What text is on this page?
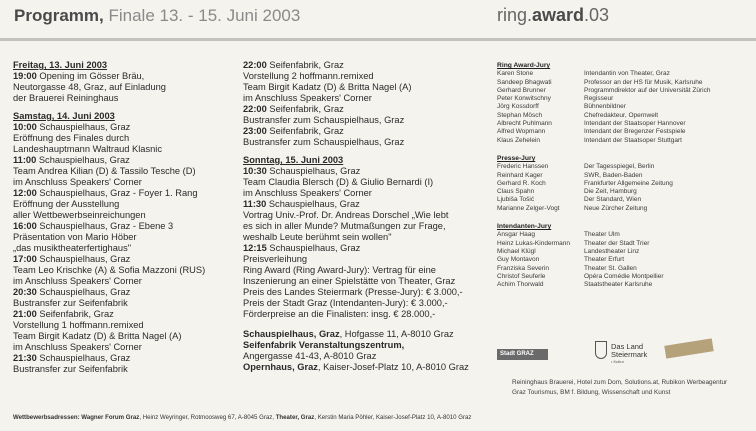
Programm, Finale 13. - 15. Juni 2003	ring.award.03
Freitag, 13. Juni 2003
19:00 Opening im Gösser Bräu,
Neutorgasse 48, Graz, auf Einladung
der Brauerei Reininghaus
Samstag, 14. Juni 2003
10:00 Schauspielhaus, Graz
Eröffnung des Finales durch
Landeshauptmann Waltraud Klasnic
11:00 Schauspielhaus, Graz
Team Andrea Kilian (D) & Tassilo Tesche (D)
im Anschluss Speakers' Corner
12:00 Schauspielhaus, Graz - Foyer 1. Rang
Eröffnung der Ausstellung
aller Wettbewerbseinreichungen
16:00 Schauspielhaus, Graz - Ebene 3
Präsentation von Mario Höber
„das musiktheaterfertighaus"
17:00 Schauspielhaus, Graz
Team Leo Krischke (A) & Sofia Mazzoni (RUS)
im Anschluss Speakers' Corner
20:30 Schauspielhaus, Graz
Bustransfer zur Seifenfabrik
21:00 Seifenfabrik, Graz
Vorstellung 1 hoffmann.remixed
Team Birgit Kadatz (D) & Britta Nagel (A)
im Anschluss Speakers' Corner
21:30 Schauspielhaus, Graz
Bustransfer zur Seifenfabrik
22:00 Seifenfabrik, Graz
Vorstellung 2 hoffmann.remixed
Team Birgit Kadatz (D) & Britta Nagel (A)
im Anschluss Speakers' Corner
22:00 Seifenfabrik, Graz
Bustransfer zum Schauspielhaus, Graz
23:00 Seifenfabrik, Graz
Bustransfer zum Schauspielhaus, Graz
Sonntag, 15. Juni 2003
10:30 Schauspielhaus, Graz
Team Claudia Blersch (D) & Giulio Bernardi (I)
im Anschluss Speakers' Corner
11:30 Schauspielhaus, Graz
Vortrag Univ.-Prof. Dr. Andreas Dorschel „Wie lebt
es sich in aller Munde? Mutmaßungen zur Frage,
weshalb Leute berühmt sein wollen"
12:15 Schauspielhaus, Graz
Preisverleihung
Ring Award (Ring Award-Jury): Vertrag für eine
Inszenierung an einer Spielstätte von Theater, Graz
Preis des Landes Steiermark (Presse-Jury): € 3.000,-
Preis der Stadt Graz (Intendanten-Jury): € 3.000,-
Förderpreise an die Finalisten: insg. € 28.000,-
Schauspielhaus, Graz, Hofgasse 11, A-8010 Graz
Seifenfabrik Veranstaltungszentrum,
Angergasse 41-43, A-8010 Graz
Opernhaus, Graz, Kaiser-Josef-Platz 10, A-8010 Graz
Ring Award-Jury
Karen Stone	Intendantin von Theater, Graz
Sandeep Bhagwati	Professor an der HS für Musik, Karlsruhe
Gerhard Brunner	Programmdirektor auf der Universität Zürich
Peter Konwitschny	Regisseur
Jörg Kossdorff	Bühnenbildner
Stephan Mösch	Chefredakteur, Opernwelt
Albrecht Puhlmann	Intendant der Staatsoper Hannover
Alfred Wopmann	Intendant der Bregenzer Festspiele
Klaus Zehelein	Intendant der Staatsoper Stuttgart
Presse-Jury
Frederic Hanssen	Der Tagesspiegel, Berlin
Reinhard Kager	SWR, Baden-Baden
Gerhard R. Koch	Frankfurter Allgemeine Zeitung
Claus Spahn	Die Zeit, Hamburg
Ljubiša Tošić	Der Standard, Wien
Marianne Zelger-Vogt	Neue Zürcher Zeitung
Intendanten-Jury
Ansgar Haag	Theater Ulm
Heinz Lukas-Kindermann	Theater der Stadt Trier
Michael Klügl	Landestheater Linz
Guy Montavon	Theater Erfurt
Franziska Severin	Theater St. Gallen
Christof Seuferle	Opéra Comédie Montpellier
Achim Thorwald	Staatstheater Karlsruhe
Stadt GRAZ
Das Land
Steiermark
• Kultur
Reininghaus Brauerei, Hotel zum Dom, Solutions.at, Rubikon Werbeagentur
Graz Tourismus, BM f. Bildung, Wissenschaft und Kunst
Wettbewerbsadressen: Wagner Forum Graz, Heinz Weyringer, Rotmoosweg 67, A-8045 Graz, Theater, Graz, Kerstin Maria Pöhler, Kaiser-Josef-Platz 10, A-8010 Graz
